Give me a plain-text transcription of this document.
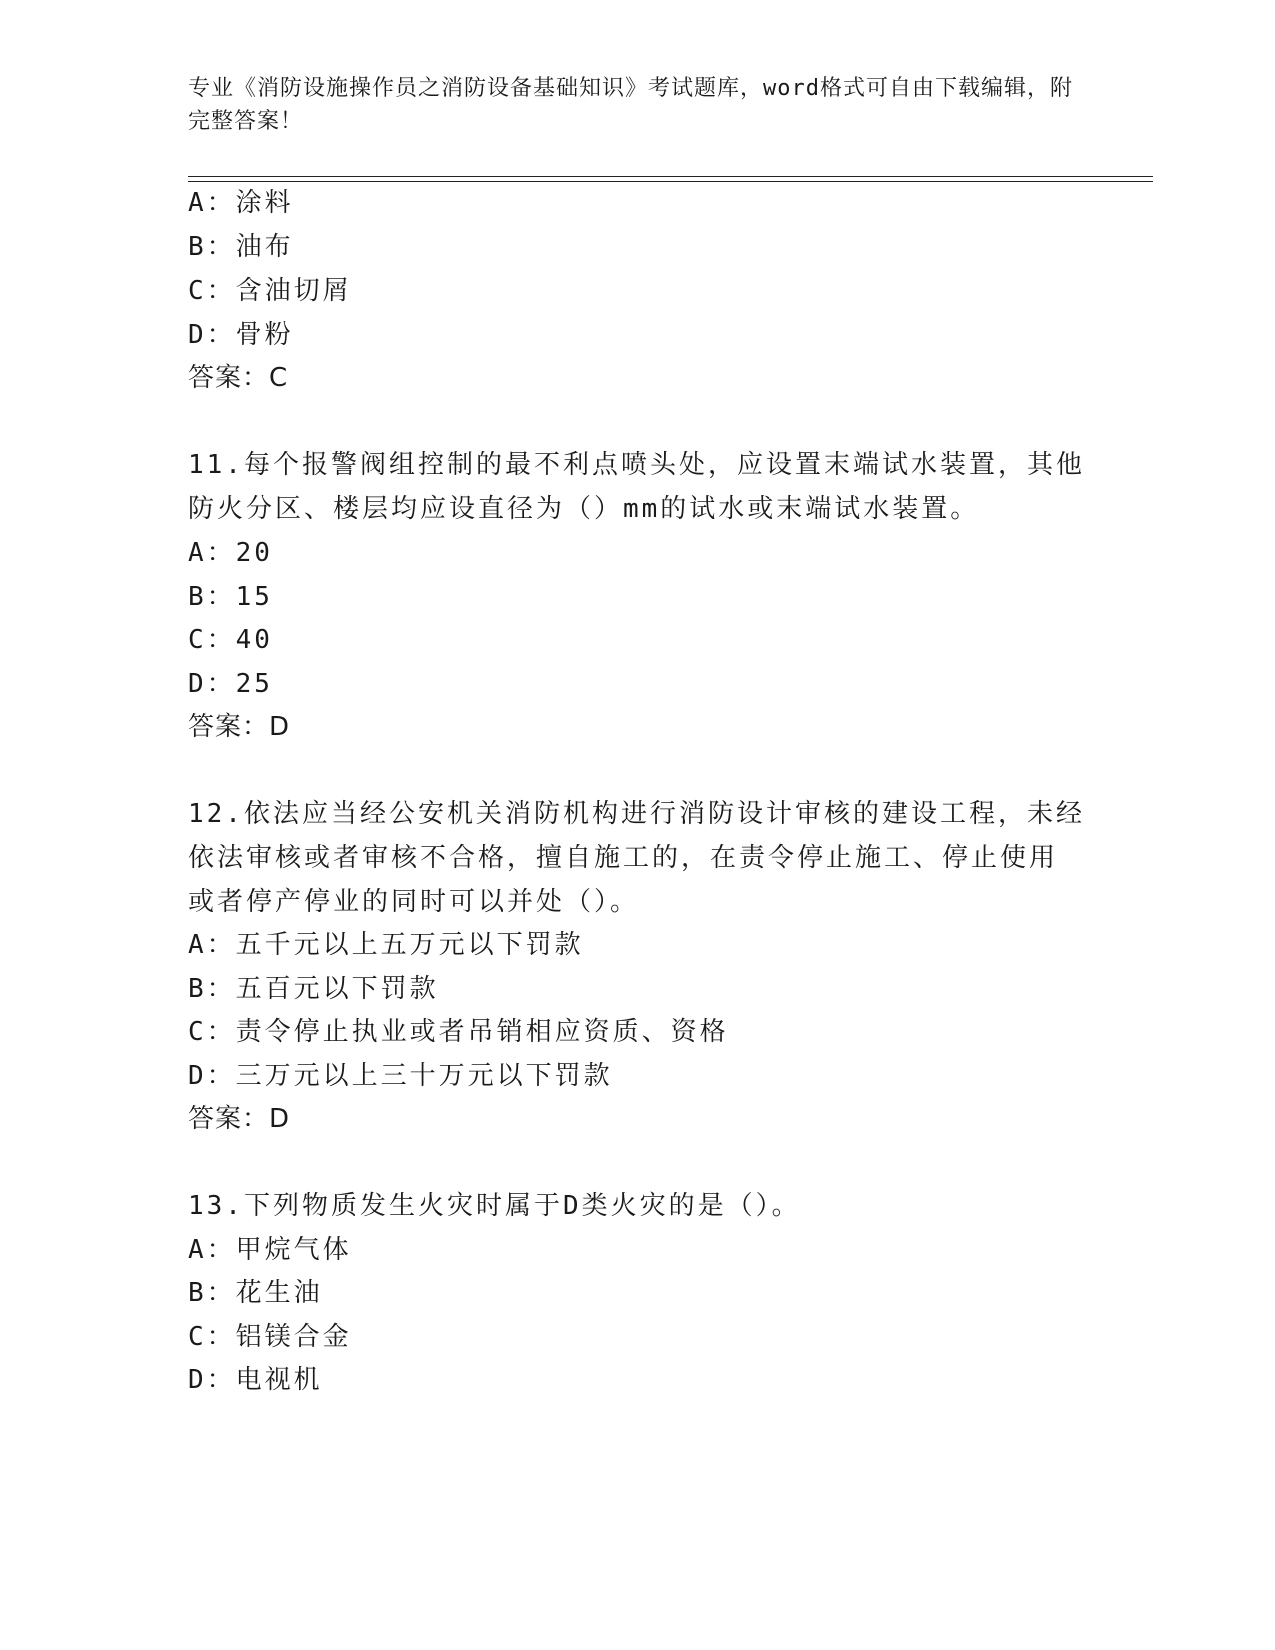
专业《消防设施操作员之消防设备基础知识》考试题库，word格式可自由下载编辑，附完整答案！
A：涂料
B：油布
C：含油切屑
D：骨粉
答案：C
11.每个报警阀组控制的最不利点喷头处，应设置末端试水装置，其他
防火分区、楼层均应设直径为（）mm的试水或末端试水装置。
A：20
B：15
C：40
D：25
答案：D
12.依法应当经公安机关消防机构进行消防设计审核的建设工程，未经
依法审核或者审核不合格，擅自施工的，在责令停止施工、停止使用
或者停产停业的同时可以并处（）。
A：五千元以上五万元以下罚款
B：五百元以下罚款
C：责令停止执业或者吊销相应资质、资格
D：三万元以上三十万元以下罚款
答案：D
13.下列物质发生火灾时属于D类火灾的是（）。
A：甲烷气体
B：花生油
C：铝镁合金
D：电视机
